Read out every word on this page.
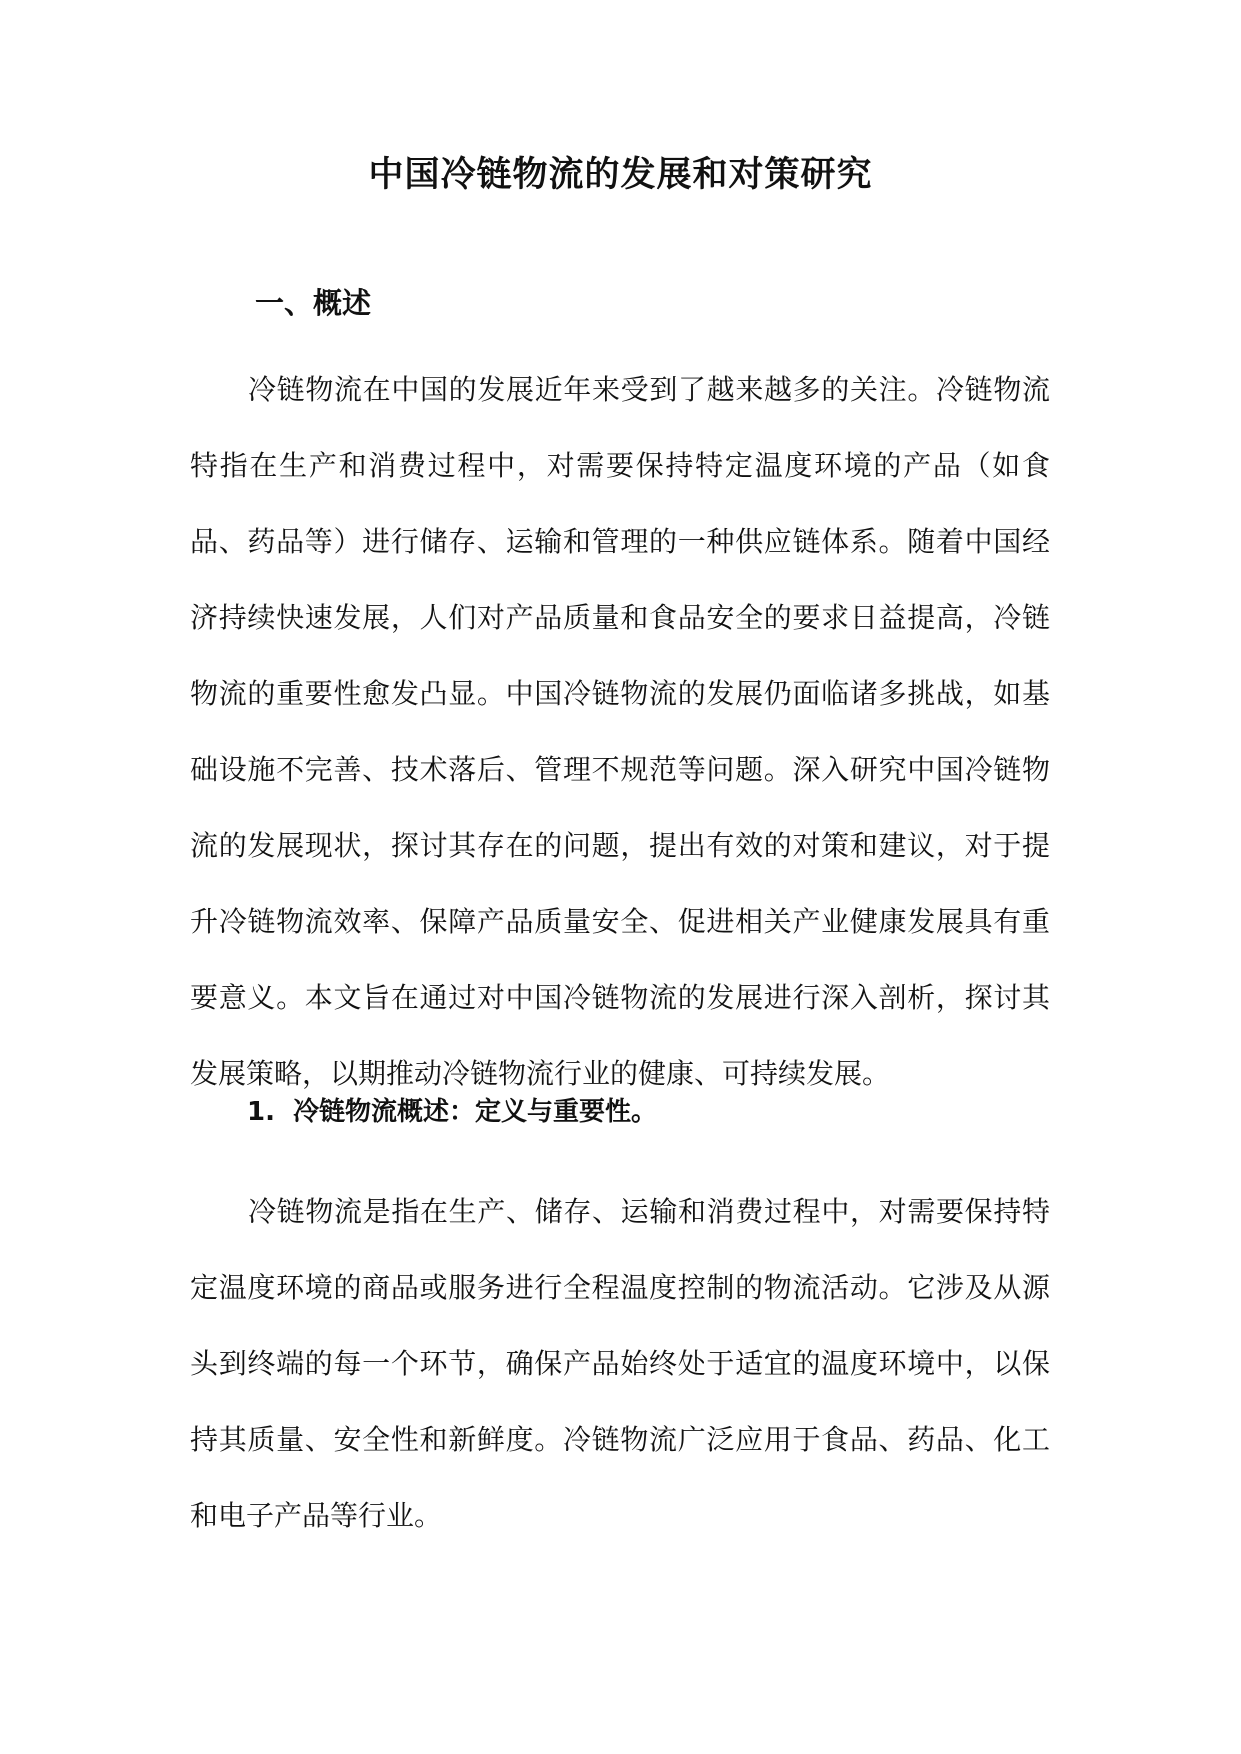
中国冷链物流的发展和对策研究
一、概述

冷链物流在中国的发展近年来受到了越来越多的关注。冷链物流特指在生产和消费过程中，对需要保持特定温度环境的产品（如食品、药品等）进行储存、运输和管理的一种供应链体系。随着中国经济持续快速发展，人们对产品质量和食品安全的要求日益提高，冷链物流的重要性愈发凸显。中国冷链物流的发展仍面临诸多挑战，如基础设施不完善、技术落后、管理不规范等问题。深入研究中国冷链物流的发展现状，探讨其存在的问题，提出有效的对策和建议，对于提升冷链物流效率、保障产品质量安全、促进相关产业健康发展具有重要意义。本文旨在通过对中国冷链物流的发展进行深入剖析，探讨其发展策略，以期推动冷链物流行业的健康、可持续发展。

1. 冷链物流概述：定义与重要性。

冷链物流是指在生产、储存、运输和消费过程中，对需要保持特定温度环境的商品或服务进行全程温度控制的物流活动。它涉及从源头到终端的每一个环节，确保产品始终处于适宜的温度环境中，以保持其质量、安全性和新鲜度。冷链物流广泛应用于食品、药品、化工和电子产品等行业。
